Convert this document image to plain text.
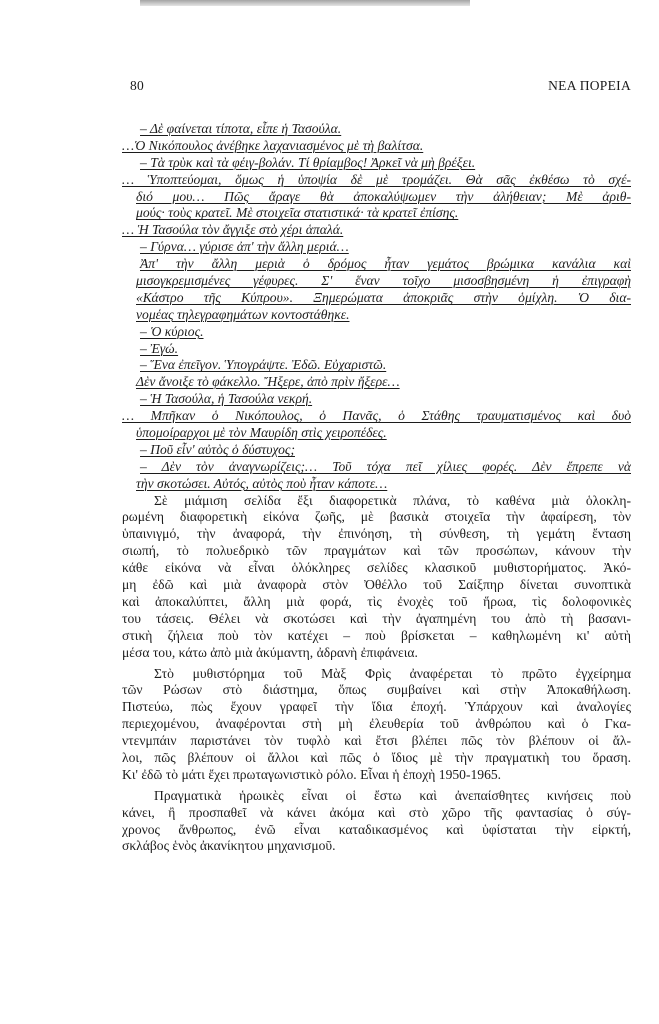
80	ΝΕΑ ΠΟΡΕΙΑ
– Δὲ φαίνεται τίποτα, εἶπε ἡ Τασούλα.
…Ὁ Νικόπουλος ἀνέβηκε λαχανιασμένος μὲ τὴ βαλίτσα.
– Τὰ τρὺκ καὶ τὰ φέιγ-βολάν. Τί θρίαμβος! Ἀρκεῖ νὰ μὴ βρέξει.
… Ὑποπτεύομαι, ὅμως ἡ ὑποψία δὲ μὲ τρομάζει. Θὰ σᾶς ἐκθέσω τὸ σχέ-
διό μου… Πῶς ἄραγε θὰ ἀποκαλύψωμεν τὴν ἀλήθειαν; Μὲ ἀριθ-
μούς· τοὺς κρατεῖ. Μὲ στοιχεῖα στατιστικά· τὰ κρατεῖ ἐπίσης.
… Ἡ Τασούλα τὸν ἄγγιξε στὸ χέρι ἁπαλά.
– Γύρνα… γύρισε ἀπ' τὴν ἄλλη μεριά…
Ἀπ' τὴν ἄλλη μεριὰ ὁ δρόμος ἦταν γεμάτος βρώμικα κανάλια καὶ
μισογκρεμισμένες γέφυρες. Σ' ἕναν τοῖχο μισοσβησμένη ἡ ἐπιγραφὴ
«Κάστρο τῆς Κύπρου». Ξημερώματα ἀποκριᾶς στὴν ὁμίχλη. Ὁ δια-
νομέας τηλεγραφημάτων κοντοστάθηκε.
– Ὁ κύριος.
– Ἐγώ.
– Ἕνα ἐπεῖγον. Ὑπογράψτε. Ἐδῶ. Εὐχαριστῶ.
Δὲν ἄνοιξε τὸ φάκελλο. Ἤξερε, ἀπὸ πρὶν ἤξερε…
– Ἡ Τασούλα, ἡ Τασούλα νεκρή.
… Μπῆκαν ὁ Νικόπουλος, ὁ Πανᾶς, ὁ Στάθης τραυματισμένος καὶ δυὸ
ὑπομοίραρχοι μὲ τὸν Μαυρίδη στὶς χειροπέδες.
– Ποῦ εἶν' αὐτὸς ὁ δύστυχος;
– Δὲν τὸν ἀναγνωρίζεις;… Τοῦ τόχα πεῖ χίλιες φορές. Δὲν ἔπρεπε νὰ
τὴν σκοτώσει. Αὐτός, αὐτὸς ποὺ ἦταν κάποτε…
Σὲ μιάμιση σελίδα ἔξι διαφορετικὰ πλάνα, τὸ καθένα μιὰ ὁλοκλη-
ρωμένη διαφορετικὴ εἰκόνα ζωῆς, μὲ βασικὰ στοιχεῖα τὴν ἀφαίρεση, τὸν
ὑπαινιγμό, τὴν ἀναφορά, τὴν ἐπινόηση, τὴ σύνθεση, τὴ γεμάτη ἔνταση
σιωπή, τὸ πολυεδρικὸ τῶν πραγμάτων καὶ τῶν προσώπων, κάνουν τὴν
κάθε εἰκόνα νὰ εἶναι ὁλόκληρες σελίδες κλασικοῦ μυθιστορήματος. Ἀκό-
μη ἐδῶ καὶ μιὰ ἀναφορὰ στὸν Ὀθέλλο τοῦ Σαίξπηρ δίνεται συνοπτικὰ
καὶ ἀποκαλύπτει, ἄλλη μιὰ φορά, τὶς ἐνοχὲς τοῦ ἥρωα, τὶς δολοφονικὲς
του τάσεις. Θέλει νὰ σκοτώσει καὶ τὴν ἀγαπημένη του ἀπὸ τὴ βασανι-
στικὴ ζήλεια ποὺ τὸν κατέχει – ποὺ βρίσκεται – καθηλωμένη κι' αὐτὴ
μέσα του, κάτω ἀπὸ μιὰ ἀκύμαντη, ἀδρανὴ ἐπιφάνεια.
Στὸ μυθιστόρημα τοῦ Μὰξ Φρὶς ἀναφέρεται τὸ πρῶτο ἐγχείρημα
τῶν Ρώσων στὸ διάστημα, ὅπως συμβαίνει καὶ στὴν Ἀποκαθήλωση.
Πιστεύω, πὼς ἔχουν γραφεῖ τὴν ἴδια ἐποχή. Ὑπάρχουν καὶ ἀναλογίες
περιεχομένου, ἀναφέρονται στὴ μὴ ἐλευθερία τοῦ ἀνθρώπου καὶ ὁ Γκα-
ντενμπάιν παριστάνει τὸν τυφλὸ καὶ ἔτσι βλέπει πῶς τὸν βλέπουν οἱ ἄλ-
λοι, πῶς βλέπουν οἱ ἄλλοι καὶ πῶς ὁ ἴδιος μὲ τὴν πραγματικὴ του ὅραση.
Κι' ἐδῶ τὸ μάτι ἔχει πρωταγωνιστικὸ ρόλο. Εἶναι ἡ ἐποχὴ 1950-1965.
Πραγματικὰ ἡρωικὲς εἶναι οἱ ἔστω καὶ ἀνεπαίσθητες κινήσεις ποὺ
κάνει, ἢ προσπαθεῖ νὰ κάνει ἀκόμα καὶ στὸ χῶρο τῆς φαντασίας ὁ σύγ-
χρονος ἄνθρωπος, ἐνῶ εἶναι καταδικασμένος καὶ ὑφίσταται τὴν εἱρκτή,
σκλάβος ἑνὸς ἀκανίκητου μηχανισμοῦ.
